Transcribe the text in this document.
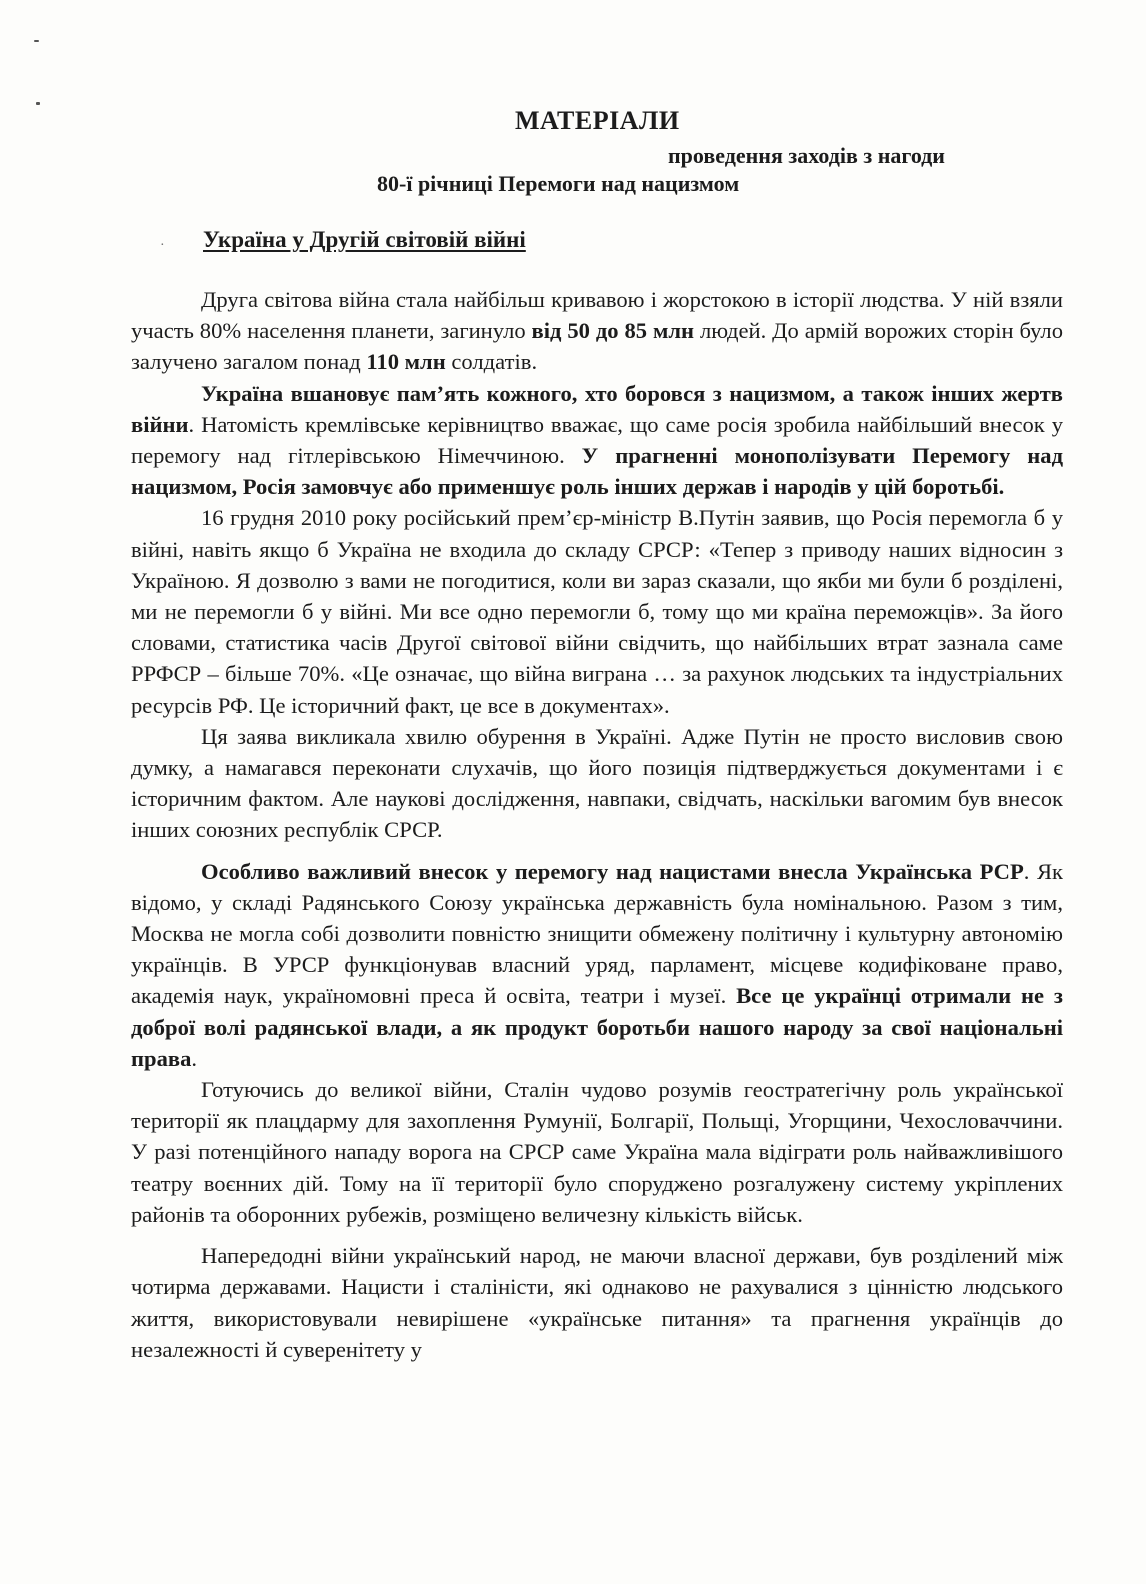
МАТЕРІАЛИ
проведення заходів з нагоди
80-ї річниці Перемоги над нацизмом
· Україна у Другій світовій війні

Друга світова війна стала найбільш кривавою і жорстокою в історії людства. У ній взяли участь 80% населення планети, загинуло від 50 до 85 млн людей. До армій ворожих сторін було залучено загалом понад 110 млн солдатів.

Україна вшановує пам’ять кожного, хто боровся з нацизмом, а також інших жертв війни. Натомість кремлівське керівництво вважає, що саме росія зробила найбільший внесок у перемогу над гітлерівською Німеччиною. У прагненні монополізувати Перемогу над нацизмом, Росія замовчує або применшує роль інших держав і народів у цій боротьбі.

16 грудня 2010 року російський прем’єр-міністр В.Путін заявив, що Росія перемогла б у війні, навіть якщо б Україна не входила до складу СРСР: «Тепер з приводу наших відносин з Україною. Я дозволю з вами не погодитися, коли ви зараз сказали, що якби ми були б розділені, ми не перемогли б у війні. Ми все одно перемогли б, тому що ми країна переможців». За його словами, статистика часів Другої світової війни свідчить, що найбільших втрат зазнала саме РРФСР – більше 70%. «Це означає, що війна виграна … за рахунок людських та індустріальних ресурсів РФ. Це історичний факт, це все в документах».

Ця заява викликала хвилю обурення в Україні. Адже Путін не просто висловив свою думку, а намагався переконати слухачів, що його позиція підтверджується документами і є історичним фактом. Але наукові дослідження, навпаки, свідчать, наскільки вагомим був внесок інших союзних республік СРСР.

Особливо важливий внесок у перемогу над нацистами внесла Українська РСР. Як відомо, у складі Радянського Союзу українська державність була номінальною. Разом з тим, Москва не могла собі дозволити повністю знищити обмежену політичну і культурну автономію українців. В УРСР функціонував власний уряд, парламент, місцеве кодифіковане право, академія наук, україномовні преса й освіта, театри і музеї. Все це українці отримали не з доброї волі радянської влади, а як продукт боротьби нашого народу за свої національні права.

Готуючись до великої війни, Сталін чудово розумів геостратегічну роль української території як плацдарму для захоплення Румунії, Болгарії, Польщі, Угорщини, Чехословаччини. У разі потенційного нападу ворога на СРСР саме Україна мала відіграти роль найважливішого театру воєнних дій. Тому на її території було споруджено розгалужену систему укріплених районів та оборонних рубежів, розміщено величезну кількість військ.

Напередодні війни український народ, не маючи власної держави, був розділений між чотирма державами. Нацисти і сталіністи, які однаково не рахувалися з цінністю людського життя, використовували невирішене «українське питання» та прагнення українців до незалежності й суверенітету у
